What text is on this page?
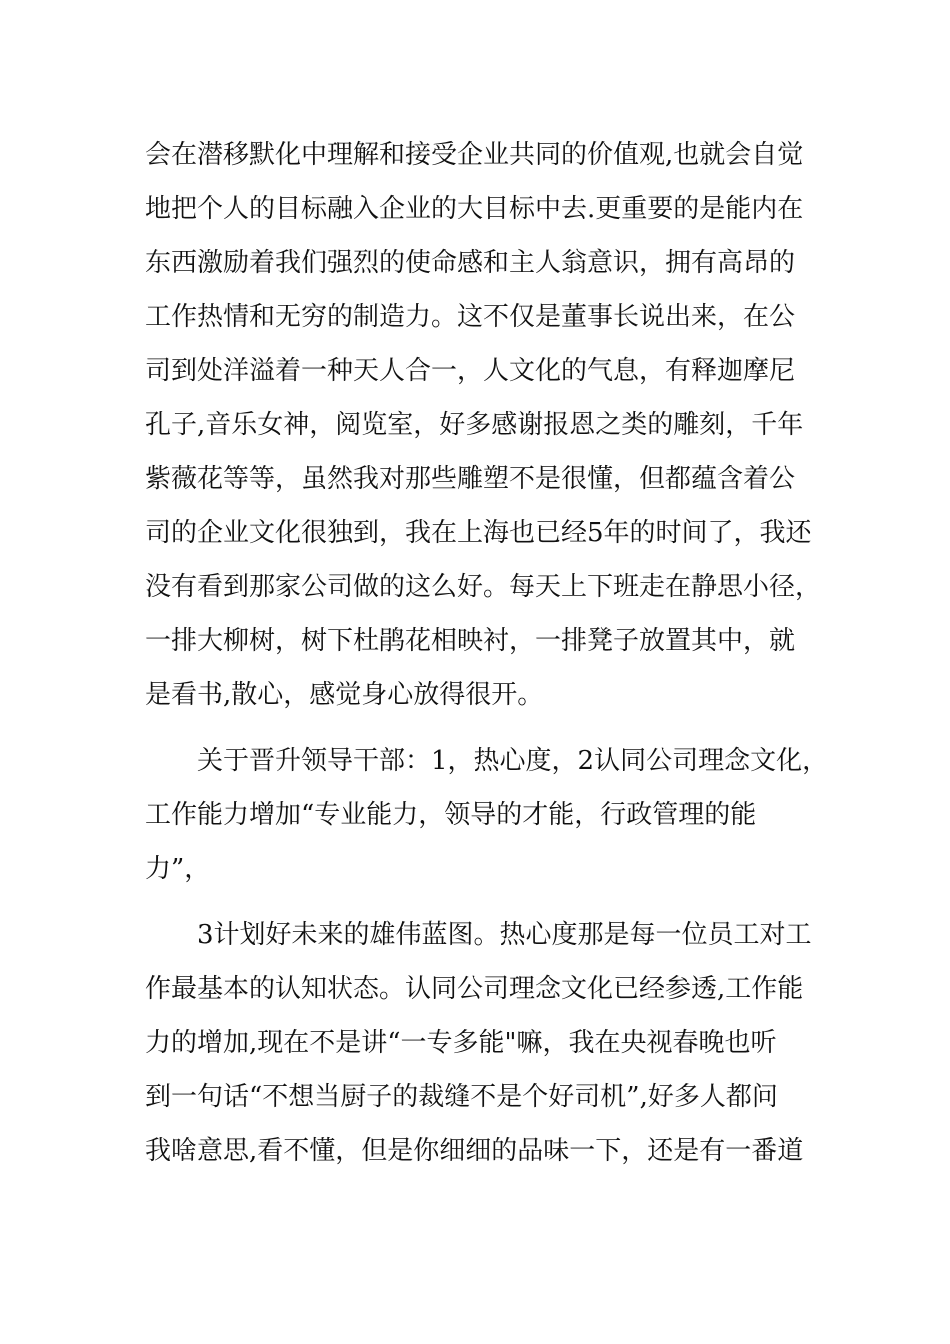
会在潜移默化中理解和接受企业共同的价值观,也就会自觉
地把个人的目标融入企业的大目标中去.更重要的是能内在
东西激励着我们强烈的使命感和主人翁意识，拥有高昂的
工作热情和无穷的制造力。这不仅是董事长说出来，在公
司到处洋溢着一种天人合一，人文化的气息，有释迦摩尼
孔子,音乐女神，阅览室，好多感谢报恩之类的雕刻，千年
紫薇花等等，虽然我对那些雕塑不是很懂，但都蕴含着公
司的企业文化很独到，我在上海也已经5年的时间了，我还
没有看到那家公司做的这么好。每天上下班走在静思小径，
一排大柳树，树下杜鹃花相映衬，一排凳子放置其中，就
是看书,散心，感觉身心放得很开。
关于晋升领导干部：1，热心度，2认同公司理念文化，
工作能力增加“专业能力，领导的才能，行政管理的能
力”，
3计划好未来的雄伟蓝图。热心度那是每一位员工对工
作最基本的认知状态。认同公司理念文化已经参透,工作能
力的增加,现在不是讲“一专多能"嘛，我在央视春晚也听
到一句话“不想当厨子的裁缝不是个好司机”,好多人都问
我啥意思,看不懂，但是你细细的品味一下，还是有一番道
